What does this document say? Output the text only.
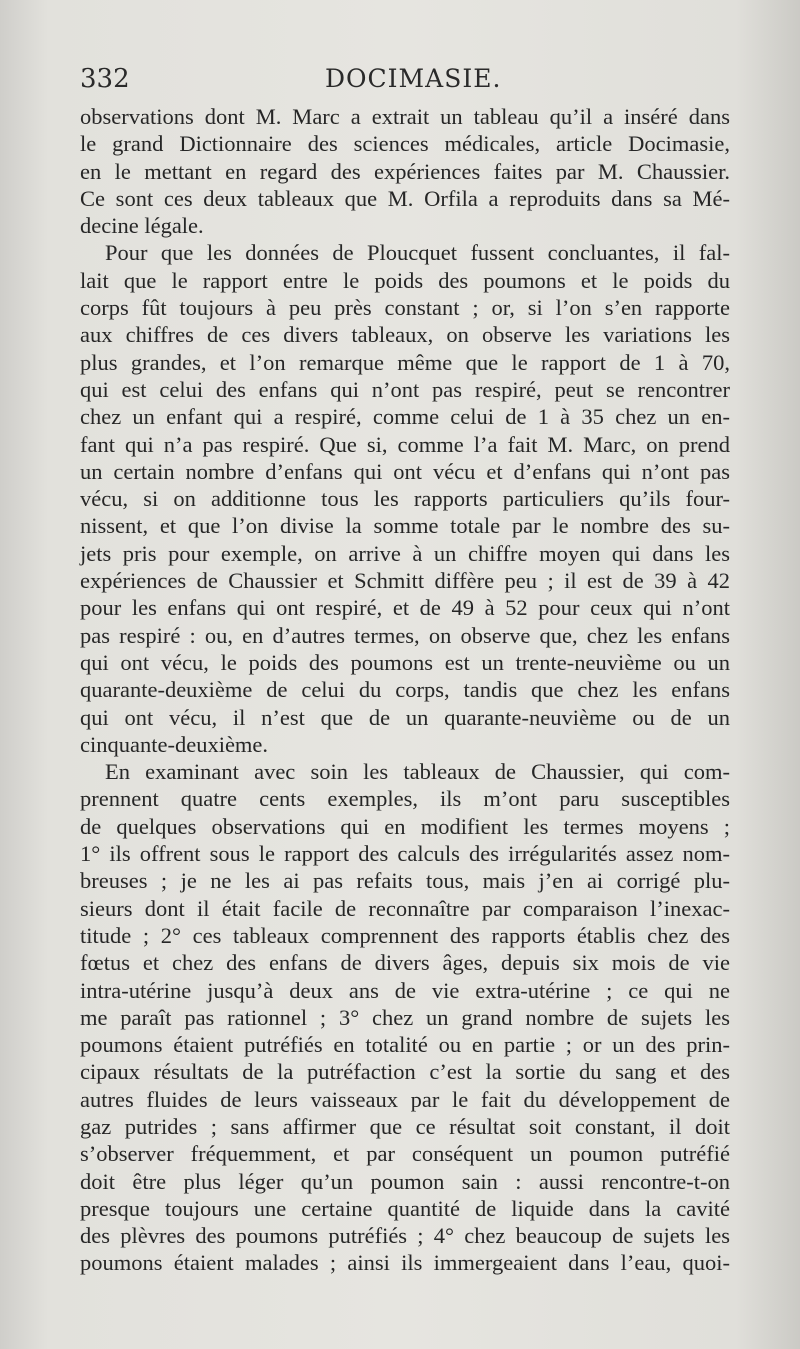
332	DOCIMASIE.
observations dont M. Marc a extrait un tableau qu’il a inséré dans
le grand Dictionnaire des sciences médicales, article Docimasie,
en le mettant en regard des expériences faites par M. Chaussier.
Ce sont ces deux tableaux que M. Orfila a reproduits dans sa Mé-
decine légale.
Pour que les données de Ploucquet fussent concluantes, il fal-
lait que le rapport entre le poids des poumons et le poids du
corps fût toujours à peu près constant ; or, si l’on s’en rapporte
aux chiffres de ces divers tableaux, on observe les variations les
plus grandes, et l’on remarque même que le rapport de 1 à 70,
qui est celui des enfans qui n’ont pas respiré, peut se rencontrer
chez un enfant qui a respiré, comme celui de 1 à 35 chez un en-
fant qui n’a pas respiré. Que si, comme l’a fait M. Marc, on prend
un certain nombre d’enfans qui ont vécu et d’enfans qui n’ont pas
vécu, si on additionne tous les rapports particuliers qu’ils four-
nissent, et que l’on divise la somme totale par le nombre des su-
jets pris pour exemple, on arrive à un chiffre moyen qui dans les
expériences de Chaussier et Schmitt diffère peu ; il est de 39 à 42
pour les enfans qui ont respiré, et de 49 à 52 pour ceux qui n’ont
pas respiré : ou, en d’autres termes, on observe que, chez les enfans
qui ont vécu, le poids des poumons est un trente-neuvième ou un
quarante-deuxième de celui du corps, tandis que chez les enfans
qui ont vécu, il n’est que de un quarante-neuvième ou de un
cinquante-deuxième.
En examinant avec soin les tableaux de Chaussier, qui com-
prennent quatre cents exemples, ils m’ont paru susceptibles
de quelques observations qui en modifient les termes moyens ;
1° ils offrent sous le rapport des calculs des irrégularités assez nom-
breuses ; je ne les ai pas refaits tous, mais j’en ai corrigé plu-
sieurs dont il était facile de reconnaître par comparaison l’inexac-
titude ; 2° ces tableaux comprennent des rapports établis chez des
fœtus et chez des enfans de divers âges, depuis six mois de vie
intra-utérine jusqu’à deux ans de vie extra-utérine ; ce qui ne
me paraît pas rationnel ; 3° chez un grand nombre de sujets les
poumons étaient putréfiés en totalité ou en partie ; or un des prin-
cipaux résultats de la putréfaction c’est la sortie du sang et des
autres fluides de leurs vaisseaux par le fait du développement de
gaz putrides ; sans affirmer que ce résultat soit constant, il doit
s’observer fréquemment, et par conséquent un poumon putréfié
doit être plus léger qu’un poumon sain : aussi rencontre-t-on
presque toujours une certaine quantité de liquide dans la cavité
des plèvres des poumons putréfiés ; 4° chez beaucoup de sujets les
poumons étaient malades ; ainsi ils immergeaient dans l’eau, quoi-
